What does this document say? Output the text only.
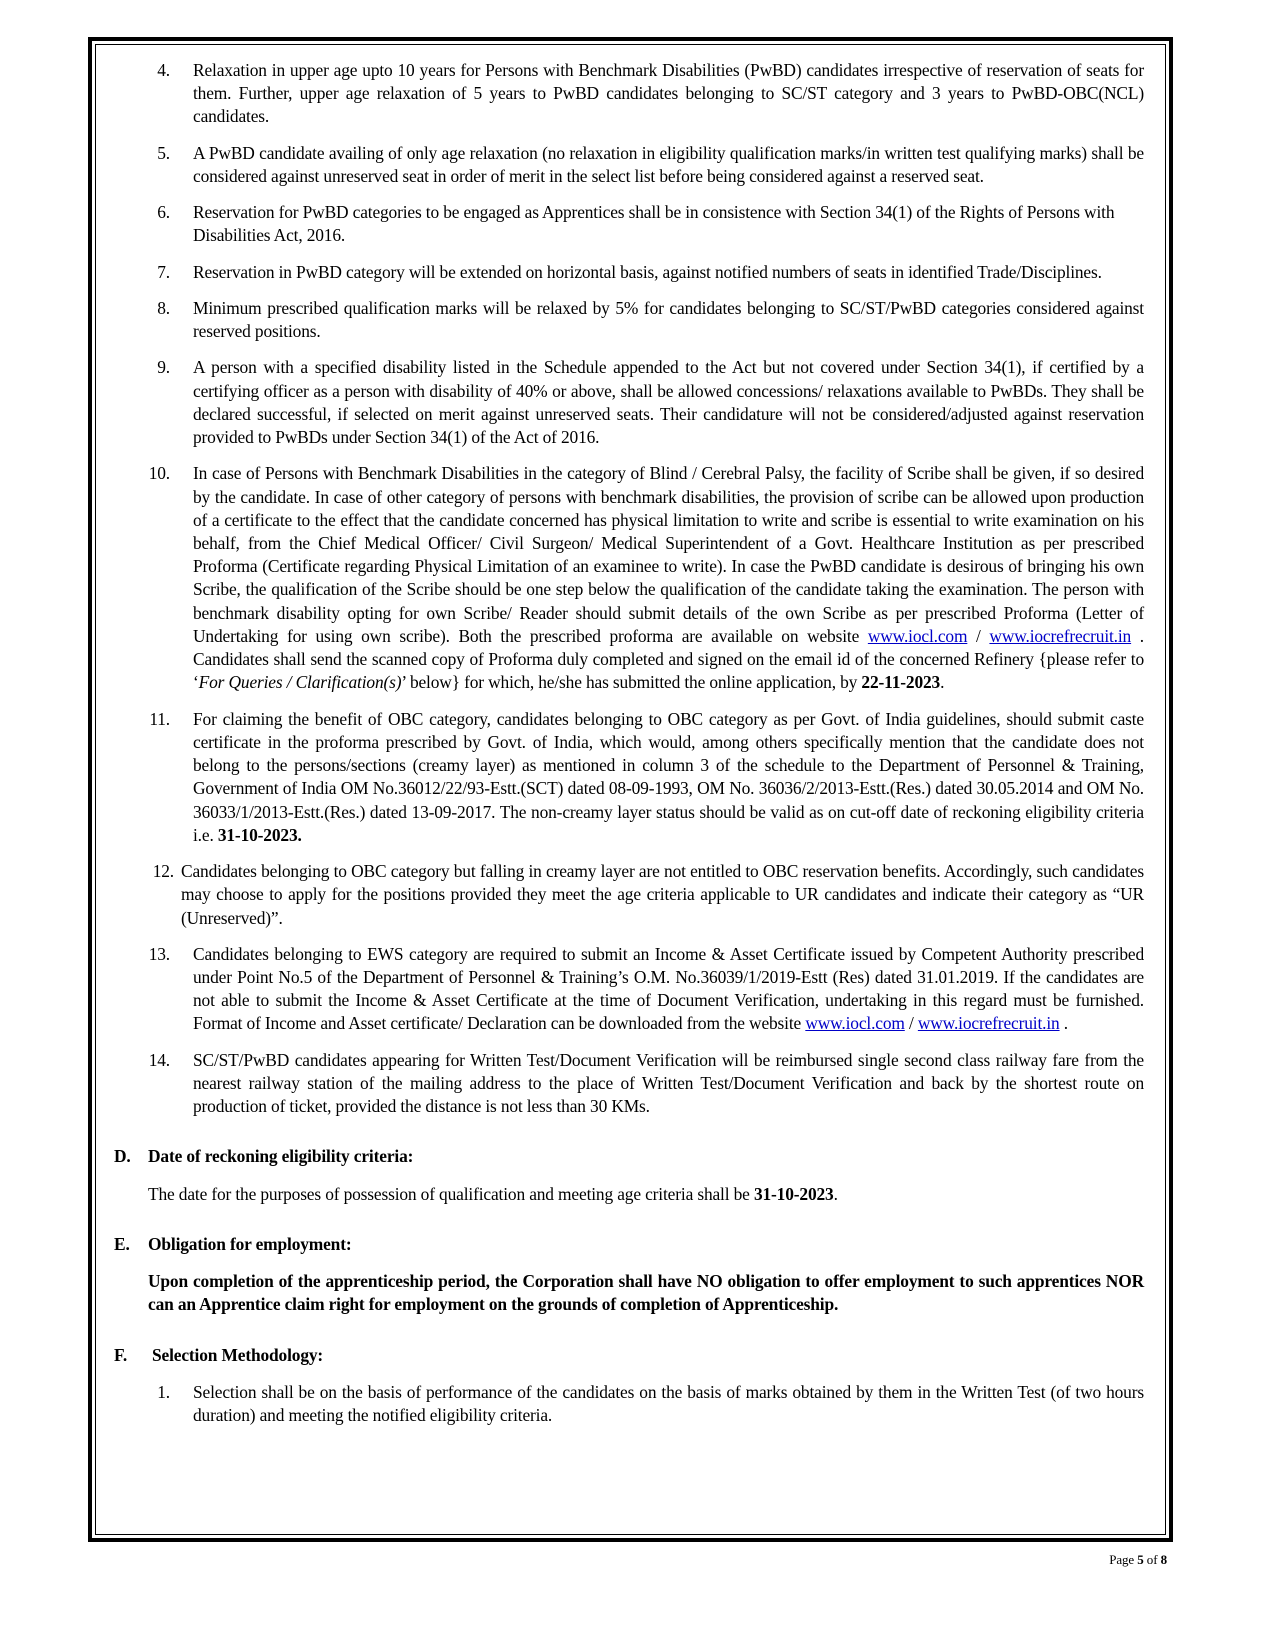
4. Relaxation in upper age upto 10 years for Persons with Benchmark Disabilities (PwBD) candidates irrespective of reservation of seats for them. Further, upper age relaxation of 5 years to PwBD candidates belonging to SC/ST category and 3 years to PwBD-OBC(NCL) candidates.
5. A PwBD candidate availing of only age relaxation (no relaxation in eligibility qualification marks/in written test qualifying marks) shall be considered against unreserved seat in order of merit in the select list before being considered against a reserved seat.
6. Reservation for PwBD categories to be engaged as Apprentices shall be in consistence with Section 34(1) of the Rights of Persons with Disabilities Act, 2016.
7. Reservation in PwBD category will be extended on horizontal basis, against notified numbers of seats in identified Trade/Disciplines.
8. Minimum prescribed qualification marks will be relaxed by 5% for candidates belonging to SC/ST/PwBD categories considered against reserved positions.
9. A person with a specified disability listed in the Schedule appended to the Act but not covered under Section 34(1), if certified by a certifying officer as a person with disability of 40% or above, shall be allowed concessions/ relaxations available to PwBDs. They shall be declared successful, if selected on merit against unreserved seats. Their candidature will not be considered/adjusted against reservation provided to PwBDs under Section 34(1) of the Act of 2016.
10. In case of Persons with Benchmark Disabilities in the category of Blind / Cerebral Palsy, the facility of Scribe shall be given, if so desired by the candidate. In case of other category of persons with benchmark disabilities, the provision of scribe can be allowed upon production of a certificate to the effect that the candidate concerned has physical limitation to write and scribe is essential to write examination on his behalf, from the Chief Medical Officer/ Civil Surgeon/ Medical Superintendent of a Govt. Healthcare Institution as per prescribed Proforma (Certificate regarding Physical Limitation of an examinee to write). In case the PwBD candidate is desirous of bringing his own Scribe, the qualification of the Scribe should be one step below the qualification of the candidate taking the examination. The person with benchmark disability opting for own Scribe/ Reader should submit details of the own Scribe as per prescribed Proforma (Letter of Undertaking for using own scribe). Both the prescribed proforma are available on website www.iocl.com / www.iocrefrecruit.in . Candidates shall send the scanned copy of Proforma duly completed and signed on the email id of the concerned Refinery {please refer to ‘For Queries / Clarification(s)’ below} for which, he/she has submitted the online application, by 22-11-2023.
11. For claiming the benefit of OBC category, candidates belonging to OBC category as per Govt. of India guidelines, should submit caste certificate in the proforma prescribed by Govt. of India, which would, among others specifically mention that the candidate does not belong to the persons/sections (creamy layer) as mentioned in column 3 of the schedule to the Department of Personnel & Training, Government of India OM No.36012/22/93-Estt.(SCT) dated 08-09-1993, OM No. 36036/2/2013-Estt.(Res.) dated 30.05.2014 and OM No. 36033/1/2013-Estt.(Res.) dated 13-09-2017. The non-creamy layer status should be valid as on cut-off date of reckoning eligibility criteria i.e. 31-10-2023.
12. Candidates belonging to OBC category but falling in creamy layer are not entitled to OBC reservation benefits. Accordingly, such candidates may choose to apply for the positions provided they meet the age criteria applicable to UR candidates and indicate their category as “UR (Unreserved)”.
13. Candidates belonging to EWS category are required to submit an Income & Asset Certificate issued by Competent Authority prescribed under Point No.5 of the Department of Personnel & Training’s O.M. No.36039/1/2019-Estt (Res) dated 31.01.2019. If the candidates are not able to submit the Income & Asset Certificate at the time of Document Verification, undertaking in this regard must be furnished. Format of Income and Asset certificate/ Declaration can be downloaded from the website www.iocl.com / www.iocrefrecruit.in .
14. SC/ST/PwBD candidates appearing for Written Test/Document Verification will be reimbursed single second class railway fare from the nearest railway station of the mailing address to the place of Written Test/Document Verification and back by the shortest route on production of ticket, provided the distance is not less than 30 KMs.
D. Date of reckoning eligibility criteria:
The date for the purposes of possession of qualification and meeting age criteria shall be 31-10-2023.
E.	Obligation for employment:
Upon completion of the apprenticeship period, the Corporation shall have NO obligation to offer employment to such apprentices NOR can an Apprentice claim right for employment on the grounds of completion of Apprenticeship.
F.	Selection Methodology:
1. Selection shall be on the basis of performance of the candidates on the basis of marks obtained by them in the Written Test (of two hours duration) and meeting the notified eligibility criteria.
Page 5 of 8
